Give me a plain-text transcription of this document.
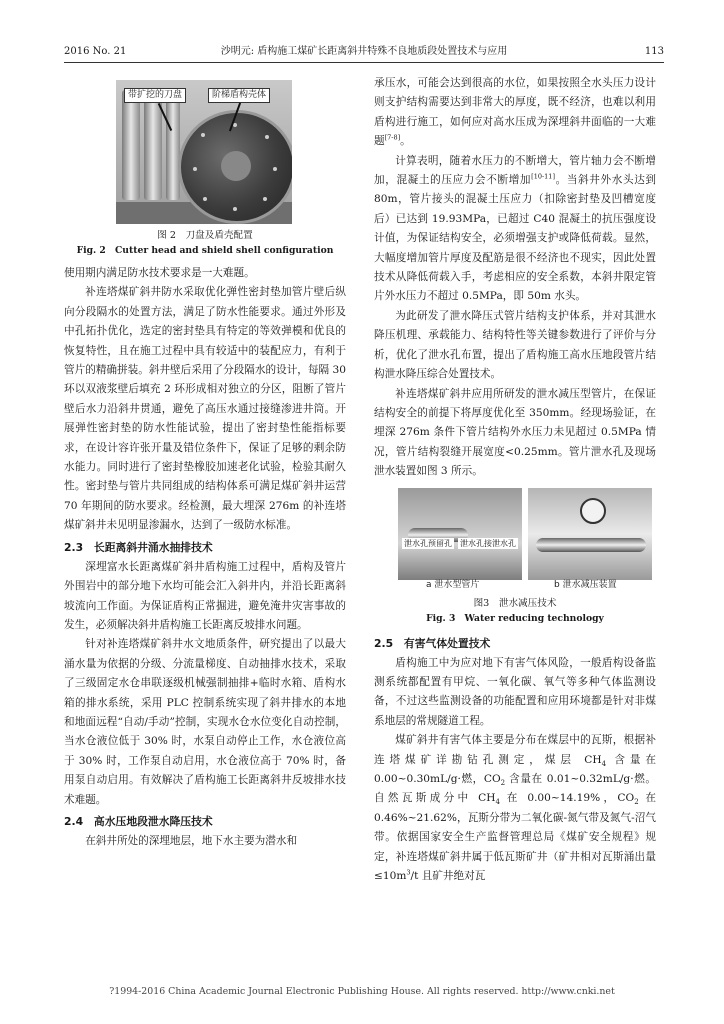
2016 No. 21	沙明元: 盾构施工煤矿长距离斜井特殊不良地质段处置技术与应用	113
带扩挖的刀盘	阶梯盾构壳体
图 2　刀盘及盾壳配置
Fig. 2　Cutter head and shield shell configuration

使用期内满足防水技术要求是一大难题。

补连塔煤矿斜井防水采取优化弹性密封垫加管片壁后纵向分段隔水的处置方法，满足了防水性能要求。通过外形及中孔拓扑优化，选定的密封垫具有特定的等效弹模和优良的恢复特性，且在施工过程中具有较适中的装配应力，有利于管片的精确拼装。斜井壁后采用了分段隔水的设计，每隔 30 环以双液浆壁后填充 2 环形成相对独立的分区，阻断了管片壁后水力沿斜井贯通，避免了高压水通过接缝渗进井筒。开展弹性密封垫的防水性能试验，提出了密封垫性能指标要求，在设计容许张开量及错位条件下，保证了足够的剩余防水能力。同时进行了密封垫橡胶加速老化试验，检验其耐久性。密封垫与管片共同组成的结构体系可满足煤矿斜井运营 70 年期间的防水要求。经检测，最大埋深 276m 的补连塔煤矿斜井未见明显渗漏水，达到了一级防水标准。

2.3　长距离斜井涌水抽排技术

深埋富水长距离煤矿斜井盾构施工过程中，盾构及管片外围岩中的部分地下水均可能会汇入斜井内，并沿长距离斜坡流向工作面。为保证盾构正常掘进，避免淹井灾害事故的发生，必须解决斜井盾构施工长距离反坡排水问题。

针对补连塔煤矿斜井水文地质条件，研究提出了以最大涌水量为依据的分级、分流量梯度、自动抽排水技术，采取了三级固定水仓串联逐级机械强制抽排+临时水箱、盾构水箱的排水系统，采用 PLC 控制系统实现了斜井排水的本地和地面远程“自动/手动”控制，实现水仓水位变化自动控制，当水仓液位低于 30% 时，水泵自动停止工作，水仓液位高于 30% 时，工作泵自动启用，水仓液位高于 70% 时，备用泵自动启用。有效解决了盾构施工长距离斜井反坡排水技术难题。

2.4　高水压地段泄水降压技术

在斜井所处的深埋地层，地下水主要为潜水和

承压水，可能会达到很高的水位，如果按照全水头压力设计则支护结构需要达到非常大的厚度，既不经济，也难以利用盾构进行施工，如何应对高水压成为深埋斜井面临的一大难题[7-8]。

计算表明，随着水压力的不断增大，管片轴力会不断增加，混凝土的压应力会不断增加[10-11]。当斜井外水头达到 80m，管片接头的混凝土压应力（扣除密封垫及凹槽宽度后）已达到 19.93MPa，已超过 C40 混凝土的抗压强度设计值，为保证结构安全，必须增强支护或降低荷载。显然，大幅度增加管片厚度及配筋是很不经济也不现实，因此处置技术从降低荷载入手，考虑相应的安全系数，本斜井限定管片外水压力不超过 0.5MPa，即 50m 水头。

为此研发了泄水降压式管片结构支护体系，并对其泄水降压机理、承载能力、结构特性等关键参数进行了评价与分析，优化了泄水孔布置，提出了盾构施工高水压地段管片结构泄水降压综合处置技术。

补连塔煤矿斜井应用所研发的泄水减压型管片，在保证结构安全的前提下将厚度优化至 350mm。经现场验证，在埋深 276m 条件下管片结构外水压力未见超过 0.5MPa 情况，管片结构裂缝开展宽度<0.25mm。管片泄水孔及现场泄水装置如图 3 所示。

泄水孔预留孔 泄水孔接泄水孔
a 泄水型管片	b 泄水减压装置
图3　泄水减压技术
Fig. 3　Water reducing technology
2.5　有害气体处置技术

盾构施工中为应对地下有害气体风险，一般盾构设备监测系统都配置有甲烷、一氧化碳、氧气等多种气体监测设备，不过这些监测设备的功能配置和应用环境都是针对非煤系地层的常规隧道工程。

煤矿斜井有害气体主要是分布在煤层中的瓦斯，根据补连塔煤矿详勘钻孔测定，煤层 $CH_4$ 含量在 0.00~0.30mL/g·燃，$CO_2$ 含量在 0.01~0.32mL/g·燃。自然瓦斯成分中 $CH_4$ 在 0.00~14.19%，$CO_2$ 在 0.46%~21.62%，瓦斯分带为二氧化碳-氮气带及氮气-沼气带。依据国家安全生产监督管理总局《煤矿安全规程》规定，补连塔煤矿斜井属于低瓦斯矿井（矿井相对瓦斯涌出量$\le 10m^3/t$ 且矿井绝对瓦

?1994-2016 China Academic Journal Electronic Publishing House. All rights reserved. http://www.cnki.net
